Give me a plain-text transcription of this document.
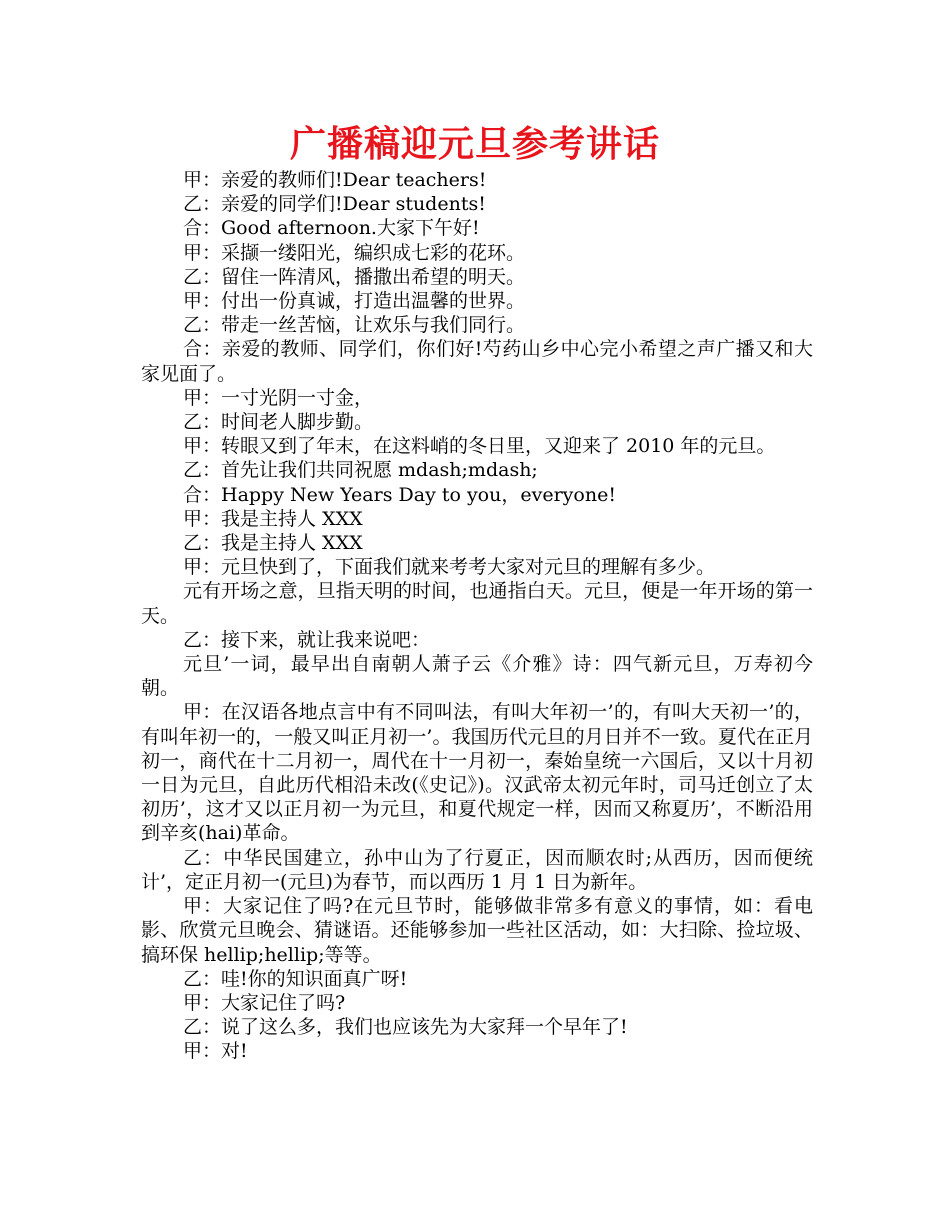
广播稿迎元旦参考讲话

甲：亲爱的教师们!Dear teachers!

乙：亲爱的同学们!Dear students!

合：Good afternoon.大家下午好!

甲：采撷一缕阳光，编织成七彩的花环。

乙：留住一阵清风，播撒出希望的明天。

甲：付出一份真诚，打造出温馨的世界。

乙：带走一丝苦恼，让欢乐与我们同行。

合：亲爱的教师、同学们，你们好!芍药山乡中心完小希望之声广播又和大家见面了。

甲：一寸光阴一寸金，

乙：时间老人脚步勤。

甲：转眼又到了年末，在这料峭的冬日里，又迎来了 2010 年的元旦。

乙：首先让我们共同祝愿 mdash;mdash;

合：Happy New Years Day to you，everyone!

甲：我是主持人 XXX

乙：我是主持人 XXX

甲：元旦快到了，下面我们就来考考大家对元旦的理解有多少。

元有开场之意，旦指天明的时间，也通指白天。元旦，便是一年开场的第一天。

乙：接下来，就让我来说吧：

元旦’一词，最早出自南朝人萧子云《介雅》诗：四气新元旦，万寿初今朝。

甲：在汉语各地点言中有不同叫法，有叫大年初一’的，有叫大天初一’的，有叫年初一的，一般又叫正月初一’。我国历代元旦的月日并不一致。夏代在正月初一，商代在十二月初一，周代在十一月初一，秦始皇统一六国后，又以十月初一日为元旦，自此历代相沿未改(《史记》)。汉武帝太初元年时，司马迁创立了太初历’，这才又以正月初一为元旦，和夏代规定一样，因而又称夏历’，不断沿用到辛亥(hai)革命。

乙：中华民国建立，孙中山为了行夏正，因而顺农时;从西历，因而便统计’，定正月初一(元旦)为春节，而以西历 1 月 1 日为新年。

甲：大家记住了吗?在元旦节时，能够做非常多有意义的事情，如：看电影、欣赏元旦晚会、猜谜语。还能够参加一些社区活动，如：大扫除、捡垃圾、搞环保 hellip;hellip;等等。

乙：哇!你的知识面真广呀!

甲：大家记住了吗?

乙：说了这么多，我们也应该先为大家拜一个早年了!

甲：对!
